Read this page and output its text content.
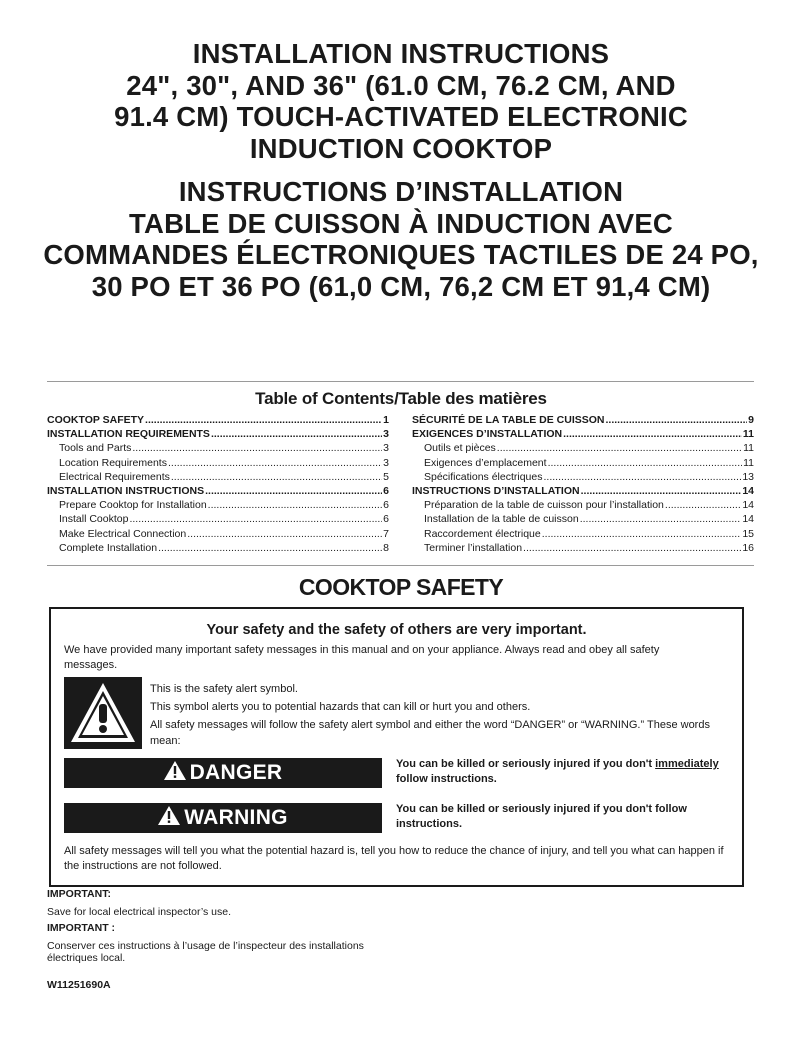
INSTALLATION INSTRUCTIONS
24", 30", AND 36" (61.0 CM, 76.2 CM, AND
91.4 CM) TOUCH-ACTIVATED ELECTRONIC
INDUCTION COOKTOP
INSTRUCTIONS D’INSTALLATION
TABLE DE CUISSON À INDUCTION AVEC
COMMANDES ÉLECTRONIQUES TACTILES DE 24 PO,
30 PO ET 36 PO (61,0 CM, 76,2 CM ET 91,4 CM)
Table of Contents/Table des matières
COOKTOP SAFETY .....	1
INSTALLATION REQUIREMENTS .....	3
Tools and Parts .....	3
Location Requirements .....	3
Electrical Requirements .....	5
INSTALLATION INSTRUCTIONS .....	6
Prepare Cooktop for Installation .....	6
Install Cooktop .....	6
Make Electrical Connection .....	7
Complete Installation .....	8
SÉCURITÉ DE LA TABLE DE CUISSON .....	9
EXIGENCES D’INSTALLATION .....	11
Outils et pièces .....	11
Exigences d’emplacement .....	11
Spécifications électriques .....	13
INSTRUCTIONS D’INSTALLATION .....	14
Préparation de la table de cuisson pour l’installation .....	14
Installation de la table de cuisson .....	14
Raccordement électrique .....	15
Terminer l’installation .....	16
COOKTOP SAFETY
Your safety and the safety of others are very important.
We have provided many important safety messages in this manual and on your appliance. Always read and obey all safety messages.
This is the safety alert symbol.
This symbol alerts you to potential hazards that can kill or hurt you and others.
All safety messages will follow the safety alert symbol and either the word “DANGER” or “WARNING.” These words mean:
DANGER	You can be killed or seriously injured if you don't immediately follow instructions.
WARNING	You can be killed or seriously injured if you don't follow instructions.
All safety messages will tell you what the potential hazard is, tell you how to reduce the chance of injury, and tell you what can happen if the instructions are not followed.
IMPORTANT:
Save for local electrical inspector’s use.
IMPORTANT :
Conserver ces instructions à l’usage de l’inspecteur des installations électriques local.
W11251690A
